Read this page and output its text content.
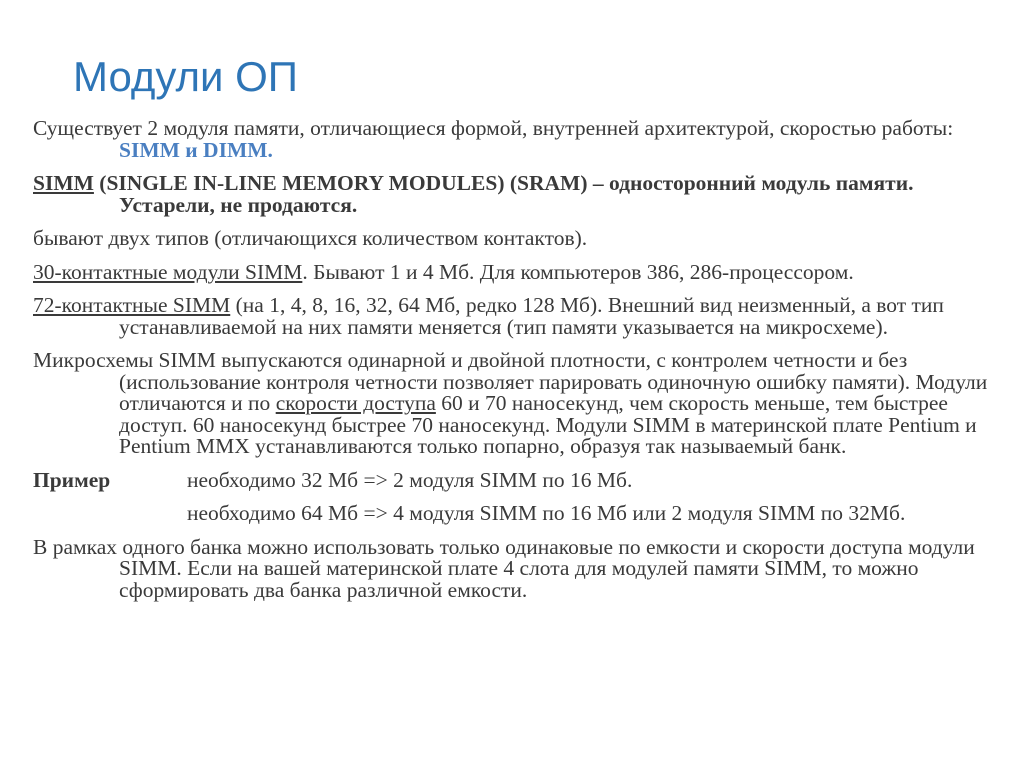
Модули ОП

Существует 2 модуля памяти, отличающиеся формой, внутренней архитектурой, скоростью работы: SIMM и DIMM.

SIMM (SINGLE IN-LINE MEMORY MODULES) (SRAM) – односторонний модуль памяти. Устарели, не продаются.

бывают двух типов (отличающихся количеством контактов).

30-контактные модули SIMM. Бывают 1 и 4 Мб. Для компьютеров 386, 286-процессором.

72-контактные SIMM (на 1, 4, 8, 16, 32, 64 Мб, редко 128 Мб). Внешний вид неизменный, а вот тип устанавливаемой на них памяти меняется (тип памяти указывается на микросхеме).

Микросхемы SIMM выпускаются одинарной и двойной плотности, с контролем четности и без (использование контроля четности позволяет парировать одиночную ошибку памяти). Модули отличаются и по скорости доступа 60 и 70 наносекунд, чем скорость меньше, тем быстрее доступ. 60 наносекунд быстрее 70 наносекунд. Модули SIMM в материнской плате Pentium и Pentium MMX устанавливаются только попарно, образуя так называемый банк.

Пример	необходимо 32 Мб => 2 модуля SIMM по 16 Мб.

необходимо 64 Мб => 4 модуля SIMM по 16 Мб или 2 модуля SIMM по 32Мб.

В рамках одного банка можно использовать только одинаковые по емкости и скорости доступа модули SIMM. Если на вашей материнской плате 4 слота для модулей памяти SIMM, то можно сформировать два банка различной емкости.
